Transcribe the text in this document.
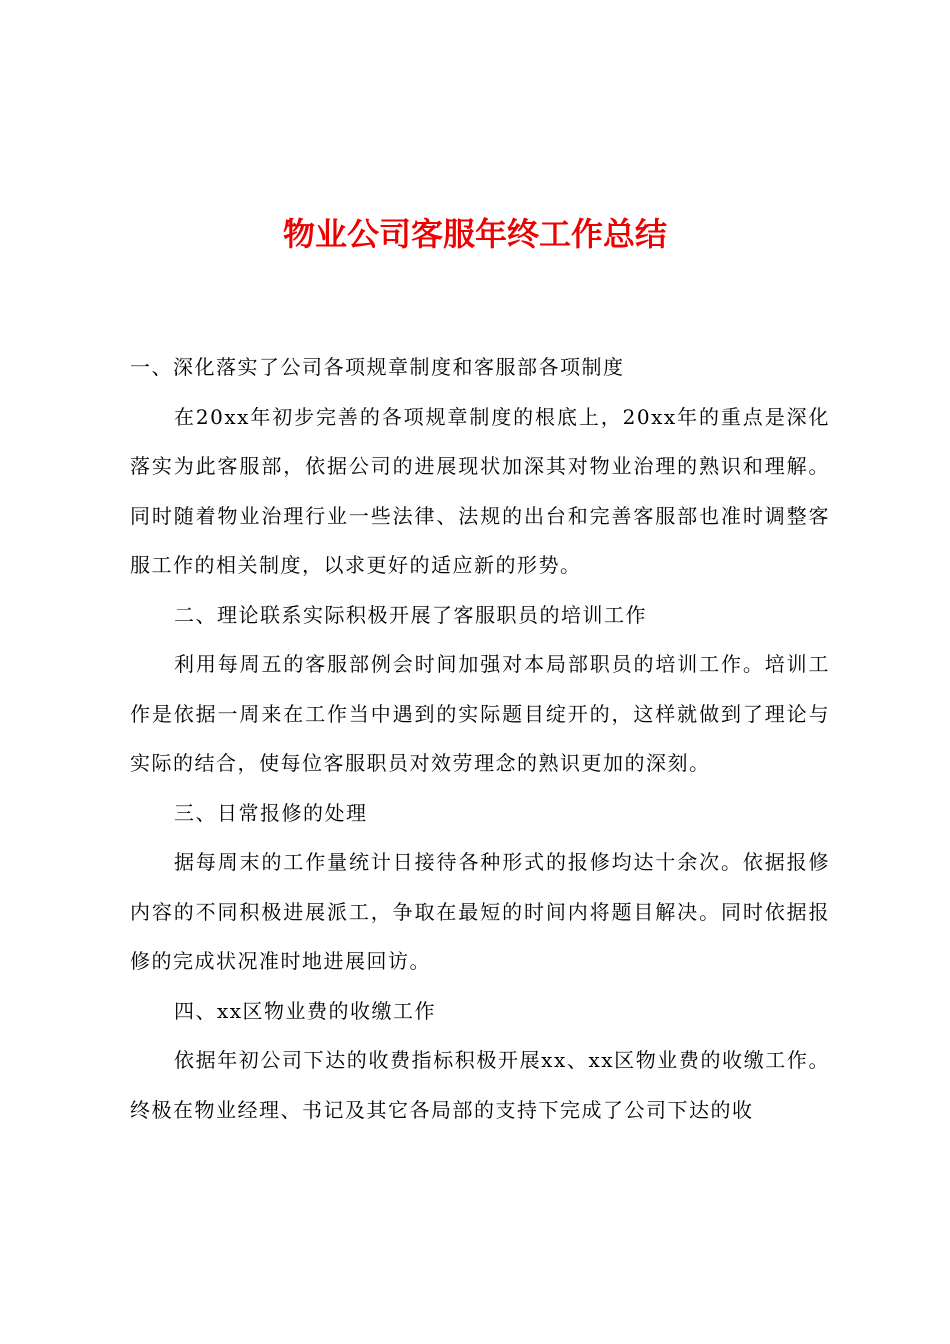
物业公司客服年终工作总结

一、深化落实了公司各项规章制度和客服部各项制度

在20xx年初步完善的各项规章制度的根底上，20xx年的重点是深化落实为此客服部，依据公司的进展现状加深其对物业治理的熟识和理解。同时随着物业治理行业一些法律、法规的出台和完善客服部也准时调整客服工作的相关制度，以求更好的适应新的形势。

二、理论联系实际积极开展了客服职员的培训工作

利用每周五的客服部例会时间加强对本局部职员的培训工作。培训工作是依据一周来在工作当中遇到的实际题目绽开的，这样就做到了理论与实际的结合，使每位客服职员对效劳理念的熟识更加的深刻。

三、日常报修的处理

据每周末的工作量统计日接待各种形式的报修均达十余次。依据报修内容的不同积极进展派工，争取在最短的时间内将题目解决。同时依据报修的完成状况准时地进展回访。

四、xx区物业费的收缴工作

依据年初公司下达的收费指标积极开展xx、xx区物业费的收缴工作。终极在物业经理、书记及其它各局部的支持下完成了公司下达的收
